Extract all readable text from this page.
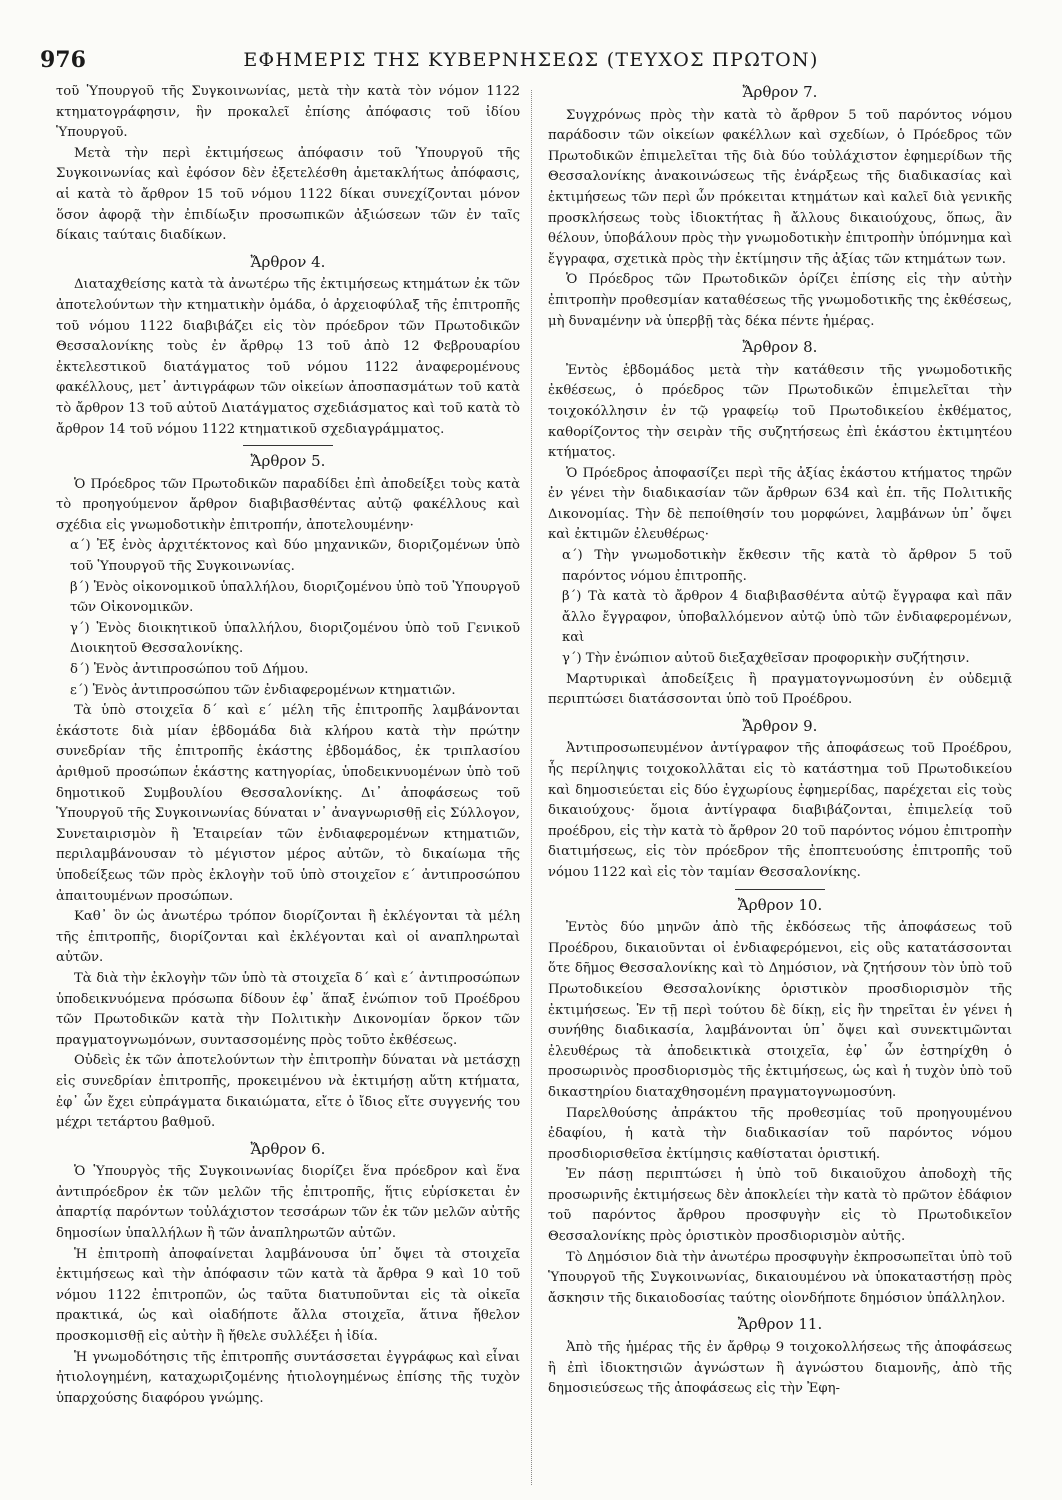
976	ΕΦΗΜΕΡΙΣ ΤΗΣ ΚΥΒΕΡΝΗΣΕΩΣ (ΤΕΥΧΟΣ ΠΡΩΤΟΝ)

τοῦ Ὑπουργοῦ τῆς Συγκοινωνίας, μετὰ τὴν κατὰ τὸν νόμον 1122 κτηματογράφησιν, ἣν προκαλεῖ ἐπίσης ἀπόφασις τοῦ ἰδίου Ὑπουργοῦ.

Μετὰ τὴν περὶ ἐκτιμήσεως ἀπόφασιν τοῦ Ὑπουργοῦ τῆς Συγκοινωνίας καὶ ἐφόσον δὲν ἐξετελέσθη ἀμετακλήτως ἀπόφασις, αἱ κατὰ τὸ ἄρθρον 15 τοῦ νόμου 1122 δίκαι συνεχίζονται μόνον ὅσον ἀφορᾷ τὴν ἐπιδίωξιν προσωπικῶν ἀξιώσεων τῶν ἐν ταῖς δίκαις ταύταις διαδίκων.

Ἄρθρον 4.

Διαταχθείσης κατὰ τὰ ἀνωτέρω τῆς ἐκτιμήσεως κτημάτων ἐκ τῶν ἀποτελούντων τὴν κτηματικὴν ὁμάδα, ὁ ἀρχειοφύλαξ τῆς ἐπιτροπῆς τοῦ νόμου 1122 διαβιβάζει εἰς τὸν πρόεδρον τῶν Πρωτοδικῶν Θεσσαλονίκης τοὺς ἐν ἄρθρῳ 13 τοῦ ἀπὸ 12 Φεβρουαρίου ἐκτελεστικοῦ διατάγματος τοῦ νόμου 1122 ἀναφερομένους φακέλλους, μετ᾽ ἀντιγράφων τῶν οἰκείων ἀποσπασμάτων τοῦ κατὰ τὸ ἄρθρον 13 τοῦ αὐτοῦ Διατάγματος σχεδιάσματος καὶ τοῦ κατὰ τὸ ἄρθρον 14 τοῦ νόμου 1122 κτηματικοῦ σχεδιαγράμματος.

Ἄρθρον 5.

Ὁ Πρόεδρος τῶν Πρωτοδικῶν παραδίδει ἐπὶ ἀποδείξει τοὺς κατὰ τὸ προηγούμενον ἄρθρον διαβιβασθέντας αὐτῷ φακέλλους καὶ σχέδια εἰς γνωμοδοτικὴν ἐπιτροπήν, ἀποτελουμένην·

α΄) Ἐξ ἑνὸς ἀρχιτέκτονος καὶ δύο μηχανικῶν, διοριζομένων ὑπὸ τοῦ Ὑπουργοῦ τῆς Συγκοινωνίας.

β΄) Ἑνὸς οἰκονομικοῦ ὑπαλλήλου, διοριζομένου ὑπὸ τοῦ Ὑπουργοῦ τῶν Οἰκονομικῶν.

γ΄) Ἑνὸς διοικητικοῦ ὑπαλλήλου, διοριζομένου ὑπὸ τοῦ Γενικοῦ Διοικητοῦ Θεσσαλονίκης.

δ΄) Ἑνὸς ἀντιπροσώπου τοῦ Δήμου.

ε΄) Ἑνὸς ἀντιπροσώπου τῶν ἐνδιαφερομένων κτηματιῶν.

Τὰ ὑπὸ στοιχεῖα δ΄ καὶ ε΄ μέλη τῆς ἐπιτροπῆς λαμβάνονται ἑκάστοτε διὰ μίαν ἑβδομάδα διὰ κλήρου κατὰ τὴν πρώτην συνεδρίαν τῆς ἐπιτροπῆς ἑκάστης ἑβδομάδος, ἐκ τριπλασίου ἀριθμοῦ προσώπων ἑκάστης κατηγορίας, ὑποδεικνυομένων ὑπὸ τοῦ δημοτικοῦ Συμβουλίου Θεσσαλονίκης. Δι᾽ ἀποφάσεως τοῦ Ὑπουργοῦ τῆς Συγκοινωνίας δύναται ν᾽ ἀναγνωρισθῇ εἰς Σύλλογον, Συνεταιρισμὸν ἢ Ἑταιρείαν τῶν ἐνδιαφερομένων κτηματιῶν, περιλαμβάνουσαν τὸ μέγιστον μέρος αὐτῶν, τὸ δικαίωμα τῆς ὑποδείξεως τῶν πρὸς ἐκλογὴν τοῦ ὑπὸ στοιχεῖον ε΄ ἀντιπροσώπου ἀπαιτουμένων προσώπων.

Καθ᾽ ὃν ὡς ἀνωτέρω τρόπον διορίζονται ἢ ἐκλέγονται τὰ μέλη τῆς ἐπιτροπῆς, διορίζονται καὶ ἐκλέγονται καὶ οἱ αναπληρωταὶ αὐτῶν.

Τὰ διὰ τὴν ἐκλογὴν τῶν ὑπὸ τὰ στοιχεῖα δ΄ καὶ ε΄ ἀντιπροσώπων ὑποδεικνυόμενα πρόσωπα δίδουν ἐφ᾽ ἅπαξ ἐνώπιον τοῦ Προέδρου τῶν Πρωτοδικῶν κατὰ τὴν Πολιτικὴν Δικονομίαν ὅρκον τῶν πραγματογνωμόνων, συντασσομένης πρὸς τοῦτο ἐκθέσεως.

Οὐδεὶς ἐκ τῶν ἀποτελούντων τὴν ἐπιτροπὴν δύναται νὰ μετάσχῃ εἰς συνεδρίαν ἐπιτροπῆς, προκειμένου νὰ ἐκτιμήσῃ αὕτη κτήματα, ἐφ᾽ ὧν ἔχει εὐπράγματα δικαιώματα, εἴτε ὁ ἴδιος εἴτε συγγενής του μέχρι τετάρτου βαθμοῦ.

Ἄρθρον 6.

Ὁ Ὑπουργὸς τῆς Συγκοινωνίας διορίζει ἕνα πρόεδρον καὶ ἕνα ἀντιπρόεδρον ἐκ τῶν μελῶν τῆς ἐπιτροπῆς, ἥτις εὑρίσκεται ἐν ἀπαρτίᾳ παρόντων τοὐλάχιστον τεσσάρων τῶν ἐκ τῶν μελῶν αὐτῆς δημοσίων ὑπαλλήλων ἢ τῶν ἀναπληρωτῶν αὐτῶν.

Ἡ ἐπιτροπὴ ἀποφαίνεται λαμβάνουσα ὑπ᾽ ὄψει τὰ στοιχεῖα ἐκτιμήσεως καὶ τὴν ἀπόφασιν τῶν κατὰ τὰ ἄρθρα 9 καὶ 10 τοῦ νόμου 1122 ἐπιτροπῶν, ὡς ταῦτα διατυποῦνται εἰς τὰ οἰκεῖα πρακτικά, ὡς καὶ οἱαδήποτε ἄλλα στοιχεῖα, ἅτινα ἤθελον προσκομισθῇ εἰς αὐτὴν ἢ ἤθελε συλλέξει ἡ ἰδία.

Ἡ γνωμοδότησις τῆς ἐπιτροπῆς συντάσσεται ἐγγράφως καὶ εἶναι ἠτιολογημένη, καταχωριζομένης ἠτιολογημένως ἐπίσης τῆς τυχὸν ὑπαρχούσης διαφόρου γνώμης.

Ἄρθρον 7.

Συγχρόνως πρὸς τὴν κατὰ τὸ ἄρθρον 5 τοῦ παρόντος νόμου παράδοσιν τῶν οἰκείων φακέλλων καὶ σχεδίων, ὁ Πρόεδρος τῶν Πρωτοδικῶν ἐπιμελεῖται τῆς διὰ δύο τοὐλάχιστον ἐφημερίδων τῆς Θεσσαλονίκης ἀνακοινώσεως τῆς ἐνάρξεως τῆς διαδικασίας καὶ ἐκτιμήσεως τῶν περὶ ὧν πρόκειται κτημάτων καὶ καλεῖ διὰ γενικῆς προσκλήσεως τοὺς ἰδιοκτήτας ἢ ἄλλους δικαιούχους, ὅπως, ἂν θέλουν, ὑποβάλουν πρὸς τὴν γνωμοδοτικὴν ἐπιτροπὴν ὑπόμνημα καὶ ἔγγραφα, σχετικὰ πρὸς τὴν ἐκτίμησιν τῆς ἀξίας τῶν κτημάτων των.

Ὁ Πρόεδρος τῶν Πρωτοδικῶν ὁρίζει ἐπίσης εἰς τὴν αὐτὴν ἐπιτροπὴν προθεσμίαν καταθέσεως τῆς γνωμοδοτικῆς της ἐκθέσεως, μὴ δυναμένην νὰ ὑπερβῇ τὰς δέκα πέντε ἡμέρας.

Ἄρθρον 8.

Ἐντὸς ἑβδομάδος μετὰ τὴν κατάθεσιν τῆς γνωμοδοτικῆς ἐκθέσεως, ὁ πρόεδρος τῶν Πρωτοδικῶν ἐπιμελεῖται τὴν τοιχοκόλλησιν ἐν τῷ γραφείῳ τοῦ Πρωτοδικείου ἐκθέματος, καθορίζοντος τὴν σειρὰν τῆς συζητήσεως ἐπὶ ἑκάστου ἐκτιμητέου κτήματος.

Ὁ Πρόεδρος ἀποφασίζει περὶ τῆς ἀξίας ἑκάστου κτήματος τηρῶν ἐν γένει τὴν διαδικασίαν τῶν ἄρθρων 634 καὶ ἑπ. τῆς Πολιτικῆς Δικονομίας. Τὴν δὲ πεποίθησίν του μορφώνει, λαμβάνων ὑπ᾽ ὄψει καὶ ἐκτιμῶν ἐλευθέρως·

α΄) Τὴν γνωμοδοτικὴν ἔκθεσιν τῆς κατὰ τὸ ἄρθρον 5 τοῦ παρόντος νόμου ἐπιτροπῆς.

β΄) Τὰ κατὰ τὸ ἄρθρον 4 διαβιβασθέντα αὐτῷ ἔγγραφα καὶ πᾶν ἄλλο ἔγγραφον, ὑποβαλλόμενον αὐτῷ ὑπὸ τῶν ἐνδιαφερομένων, καὶ

γ΄) Τὴν ἐνώπιον αὐτοῦ διεξαχθεῖσαν προφορικὴν συζήτησιν.

Μαρτυρικαὶ ἀποδείξεις ἢ πραγματογνωμοσύνη ἐν οὐδεμιᾷ περιπτώσει διατάσσονται ὑπὸ τοῦ Προέδρου.

Ἄρθρον 9.

Ἀντιπροσωπευμένον ἀντίγραφον τῆς ἀποφάσεως τοῦ Προέδρου, ἧς περίληψις τοιχοκολλᾶται εἰς τὸ κατάστημα τοῦ Πρωτοδικείου καὶ δημοσιεύεται εἰς δύο ἐγχωρίους ἐφημερίδας, παρέχεται εἰς τοὺς δικαιούχους· ὅμοια ἀντίγραφα διαβιβάζονται, ἐπιμελείᾳ τοῦ προέδρου, εἰς τὴν κατὰ τὸ ἄρθρον 20 τοῦ παρόντος νόμου ἐπιτροπὴν διατιμήσεως, εἰς τὸν πρόεδρον τῆς ἐποπτευούσης ἐπιτροπῆς τοῦ νόμου 1122 καὶ εἰς τὸν ταμίαν Θεσσαλονίκης.

Ἄρθρον 10.

Ἐντὸς δύο μηνῶν ἀπὸ τῆς ἐκδόσεως τῆς ἀποφάσεως τοῦ Προέδρου, δικαιοῦνται οἱ ἐνδιαφερόμενοι, εἰς οὓς κατατάσσονται ὅτε δῆμος Θεσσαλονίκης καὶ τὸ Δημόσιον, νὰ ζητήσουν τὸν ὑπὸ τοῦ Πρωτοδικείου Θεσσαλονίκης ὁριστικὸν προσδιορισμὸν τῆς ἐκτιμήσεως. Ἐν τῇ περὶ τούτου δὲ δίκῃ, εἰς ἣν τηρεῖται ἐν γένει ἡ συνήθης διαδικασία, λαμβάνονται ὑπ᾽ ὄψει καὶ συνεκτιμῶνται ἐλευθέρως τὰ ἀποδεικτικὰ στοιχεῖα, ἐφ᾽ ὧν ἐστηρίχθη ὁ προσωρινὸς προσδιορισμὸς τῆς ἐκτιμήσεως, ὡς καὶ ἡ τυχὸν ὑπὸ τοῦ δικαστηρίου διαταχθησομένη πραγματογνωμοσύνη.

Παρελθούσης ἀπράκτου τῆς προθεσμίας τοῦ προηγουμένου ἐδαφίου, ἡ κατὰ τὴν διαδικασίαν τοῦ παρόντος νόμου προσδιορισθεῖσα ἐκτίμησις καθίσταται ὁριστική.

Ἐν πάσῃ περιπτώσει ἡ ὑπὸ τοῦ δικαιοῦχου ἀποδοχὴ τῆς προσωρινῆς ἐκτιμήσεως δὲν ἀποκλείει τὴν κατὰ τὸ πρῶτον ἐδάφιον τοῦ παρόντος ἄρθρου προσφυγὴν εἰς τὸ Πρωτοδικεῖον Θεσσαλονίκης πρὸς ὁριστικὸν προσδιορισμὸν αὐτῆς.

Τὸ Δημόσιον διὰ τὴν ἀνωτέρω προσφυγὴν ἐκπροσωπεῖται ὑπὸ τοῦ Ὑπουργοῦ τῆς Συγκοινωνίας, δικαιουμένου νὰ ὑποκαταστήσῃ πρὸς ἄσκησιν τῆς δικαιοδοσίας ταύτης οἱονδήποτε δημόσιον ὑπάλληλον.

Ἄρθρον 11.

Ἀπὸ τῆς ἡμέρας τῆς ἐν ἄρθρῳ 9 τοιχοκολλήσεως τῆς ἀποφάσεως ἢ ἐπὶ ἰδιοκτησιῶν ἀγνώστων ἢ ἀγνώστου διαμονῆς, ἀπὸ τῆς δημοσιεύσεως τῆς ἀποφάσεως εἰς τὴν Ἐφη-
